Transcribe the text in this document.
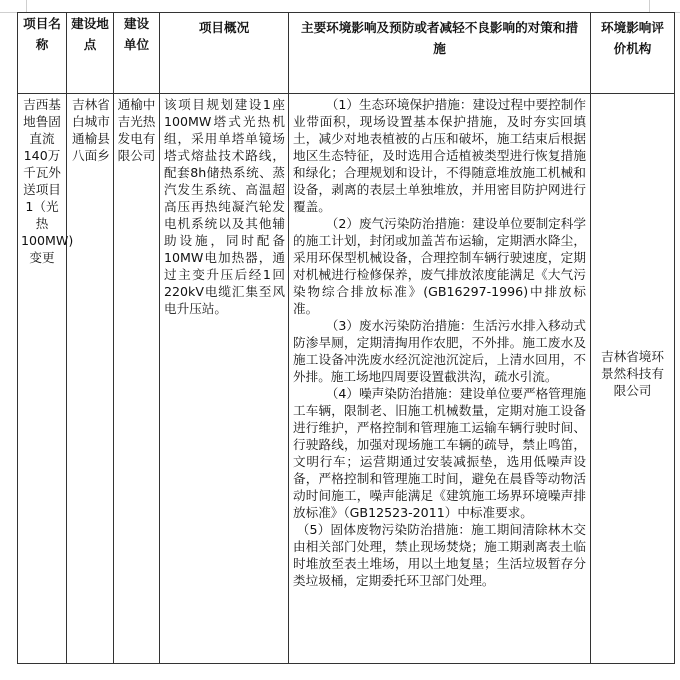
项目名称	建设地点	建设单位	项目概况	主要环境影响及预防或者减轻不良影响的对策和措施	环境影响评价机构
吉西基地鲁固直流140万千瓦外送项目1（光热100MW)变更	吉林省白城市通榆县八面乡	通榆中吉光热发电有限公司	该项目规划建设1座100MW塔式光热机组，采用单塔单镜场塔式熔盐技术路线，配套8h储热系统、蒸汽发生系统、高温超高压再热纯凝汽轮发电机系统以及其他辅助设施，同时配备10MW电加热器，通过主变升压后经1回220kV电缆汇集至风电升压站。	（1）生态环境保护措施：建设过程中要控制作业带面积，现场设置基本保护措施，及时夯实回填土，减少对地表植被的占压和破坏，施工结束后根据地区生态特征，及时选用合适植被类型进行恢复措施和绿化；合理规划和设计，不得随意堆放施工机械和设备，剥离的表层土单独堆放，并用密目防护网进行覆盖。

（2）废气污染防治措施：建设单位要制定科学的施工计划，封闭或加盖苫布运输，定期洒水降尘，采用环保型机械设备，合理控制车辆行驶速度，定期对机械进行检修保养，废气排放浓度能满足《大气污染物综合排放标准》(GB16297-1996)中排放标准。

（3）废水污染防治措施：生活污水排入移动式防渗旱厕，定期清掏用作农肥，不外排。施工废水及施工设备冲洗废水经沉淀池沉淀后，上清水回用，不外排。施工场地四周要设置截洪沟，疏水引流。

（4）噪声染防治措施：建设单位要严格管理施工车辆，限制老、旧施工机械数量，定期对施工设备进行维护，严格控制和管理施工运输车辆行驶时间、行驶路线，加强对现场施工车辆的疏导，禁止鸣笛，文明行车；运营期通过安装减振垫，选用低噪声设备，严格控制和管理施工时间，避免在晨昏等动物活动时间施工，噪声能满足《建筑施工场界环境噪声排放标准》（GB12523-2011）中标准要求。

（5）固体废物污染防治措施：施工期间清除林木交由相关部门处理，禁止现场焚烧；施工期剥离表土临时堆放至表土堆场，用以土地复垦；生活垃圾暂存分类垃圾桶，定期委托环卫部门处理。	吉林省境环景然科技有限公司
